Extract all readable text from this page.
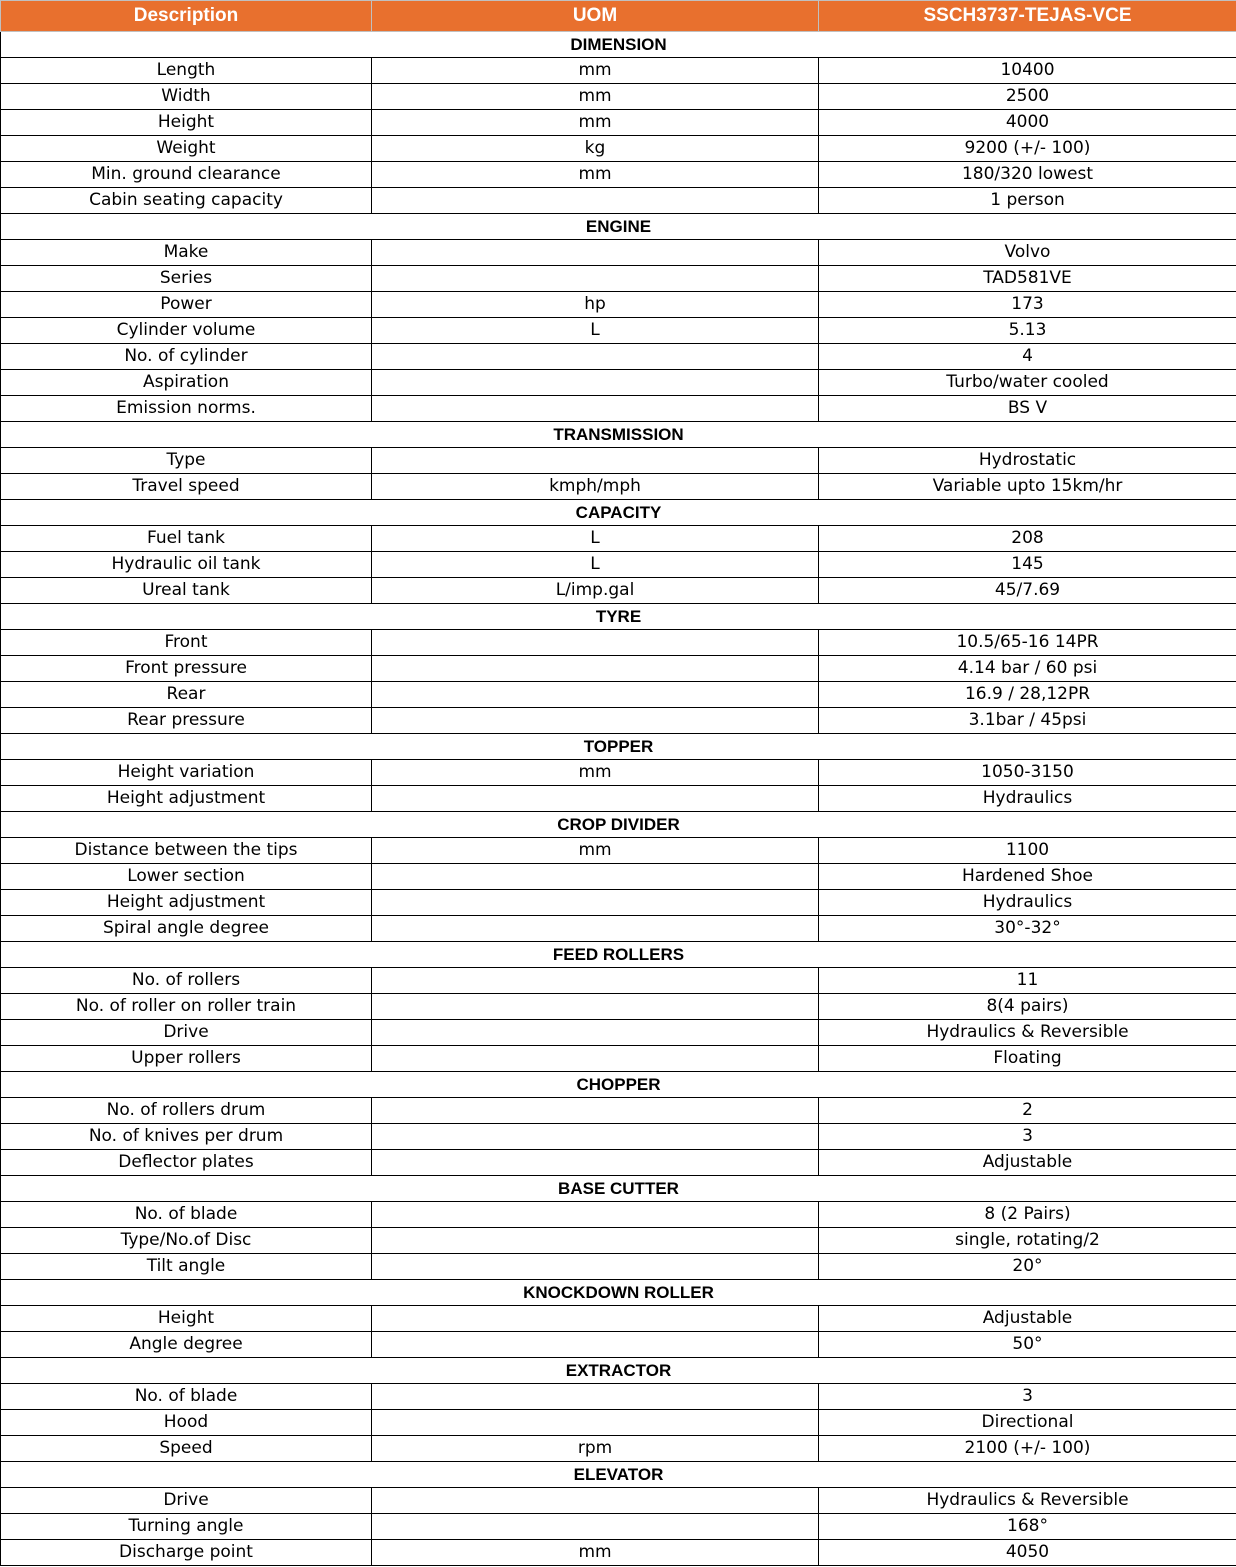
Description	UOM	SSCH3737-TEJAS-VCE
DIMENSION		
Length	mm	10400
Width	mm	2500
Height	mm	4000
Weight	kg	9200 (+/- 100)
Min. ground clearance	mm	180/320 lowest
Cabin seating capacity		1 person
ENGINE		
Make		Volvo
Series		TAD581VE
Power	hp	173
Cylinder volume	L	5.13
No. of cylinder		4
Aspiration		Turbo/water cooled
Emission norms.		BS V
TRANSMISSION		
Type		Hydrostatic
Travel speed	kmph/mph	Variable upto 15km/hr
CAPACITY		
Fuel tank	L	208
Hydraulic oil tank	L	145
Ureal tank	L/imp.gal	45/7.69
TYRE		
Front		10.5/65-16 14PR
Front pressure		4.14 bar / 60 psi
Rear		16.9 / 28,12PR
Rear pressure		3.1bar / 45psi
TOPPER		
Height variation	mm	1050-3150
Height adjustment		Hydraulics
CROP DIVIDER		
Distance between the tips	mm	1100
Lower section		Hardened Shoe
Height adjustment		Hydraulics
Spiral angle degree		30°-32°
FEED ROLLERS		
No. of rollers		11
No. of roller on roller train		8(4 pairs)
Drive		Hydraulics & Reversible
Upper rollers		Floating
CHOPPER		
No. of rollers drum		2
No. of knives per drum		3
Deflector plates		Adjustable
BASE CUTTER		
No. of blade		8 (2 Pairs)
Type/No.of Disc		single, rotating/2
Tilt angle		20°
KNOCKDOWN ROLLER		
Height		Adjustable
Angle degree		50°
EXTRACTOR		
No. of blade		3
Hood		Directional
Speed	rpm	2100 (+/- 100)
ELEVATOR		
Drive		Hydraulics & Reversible
Turning angle		168°
Discharge point	mm	4050
